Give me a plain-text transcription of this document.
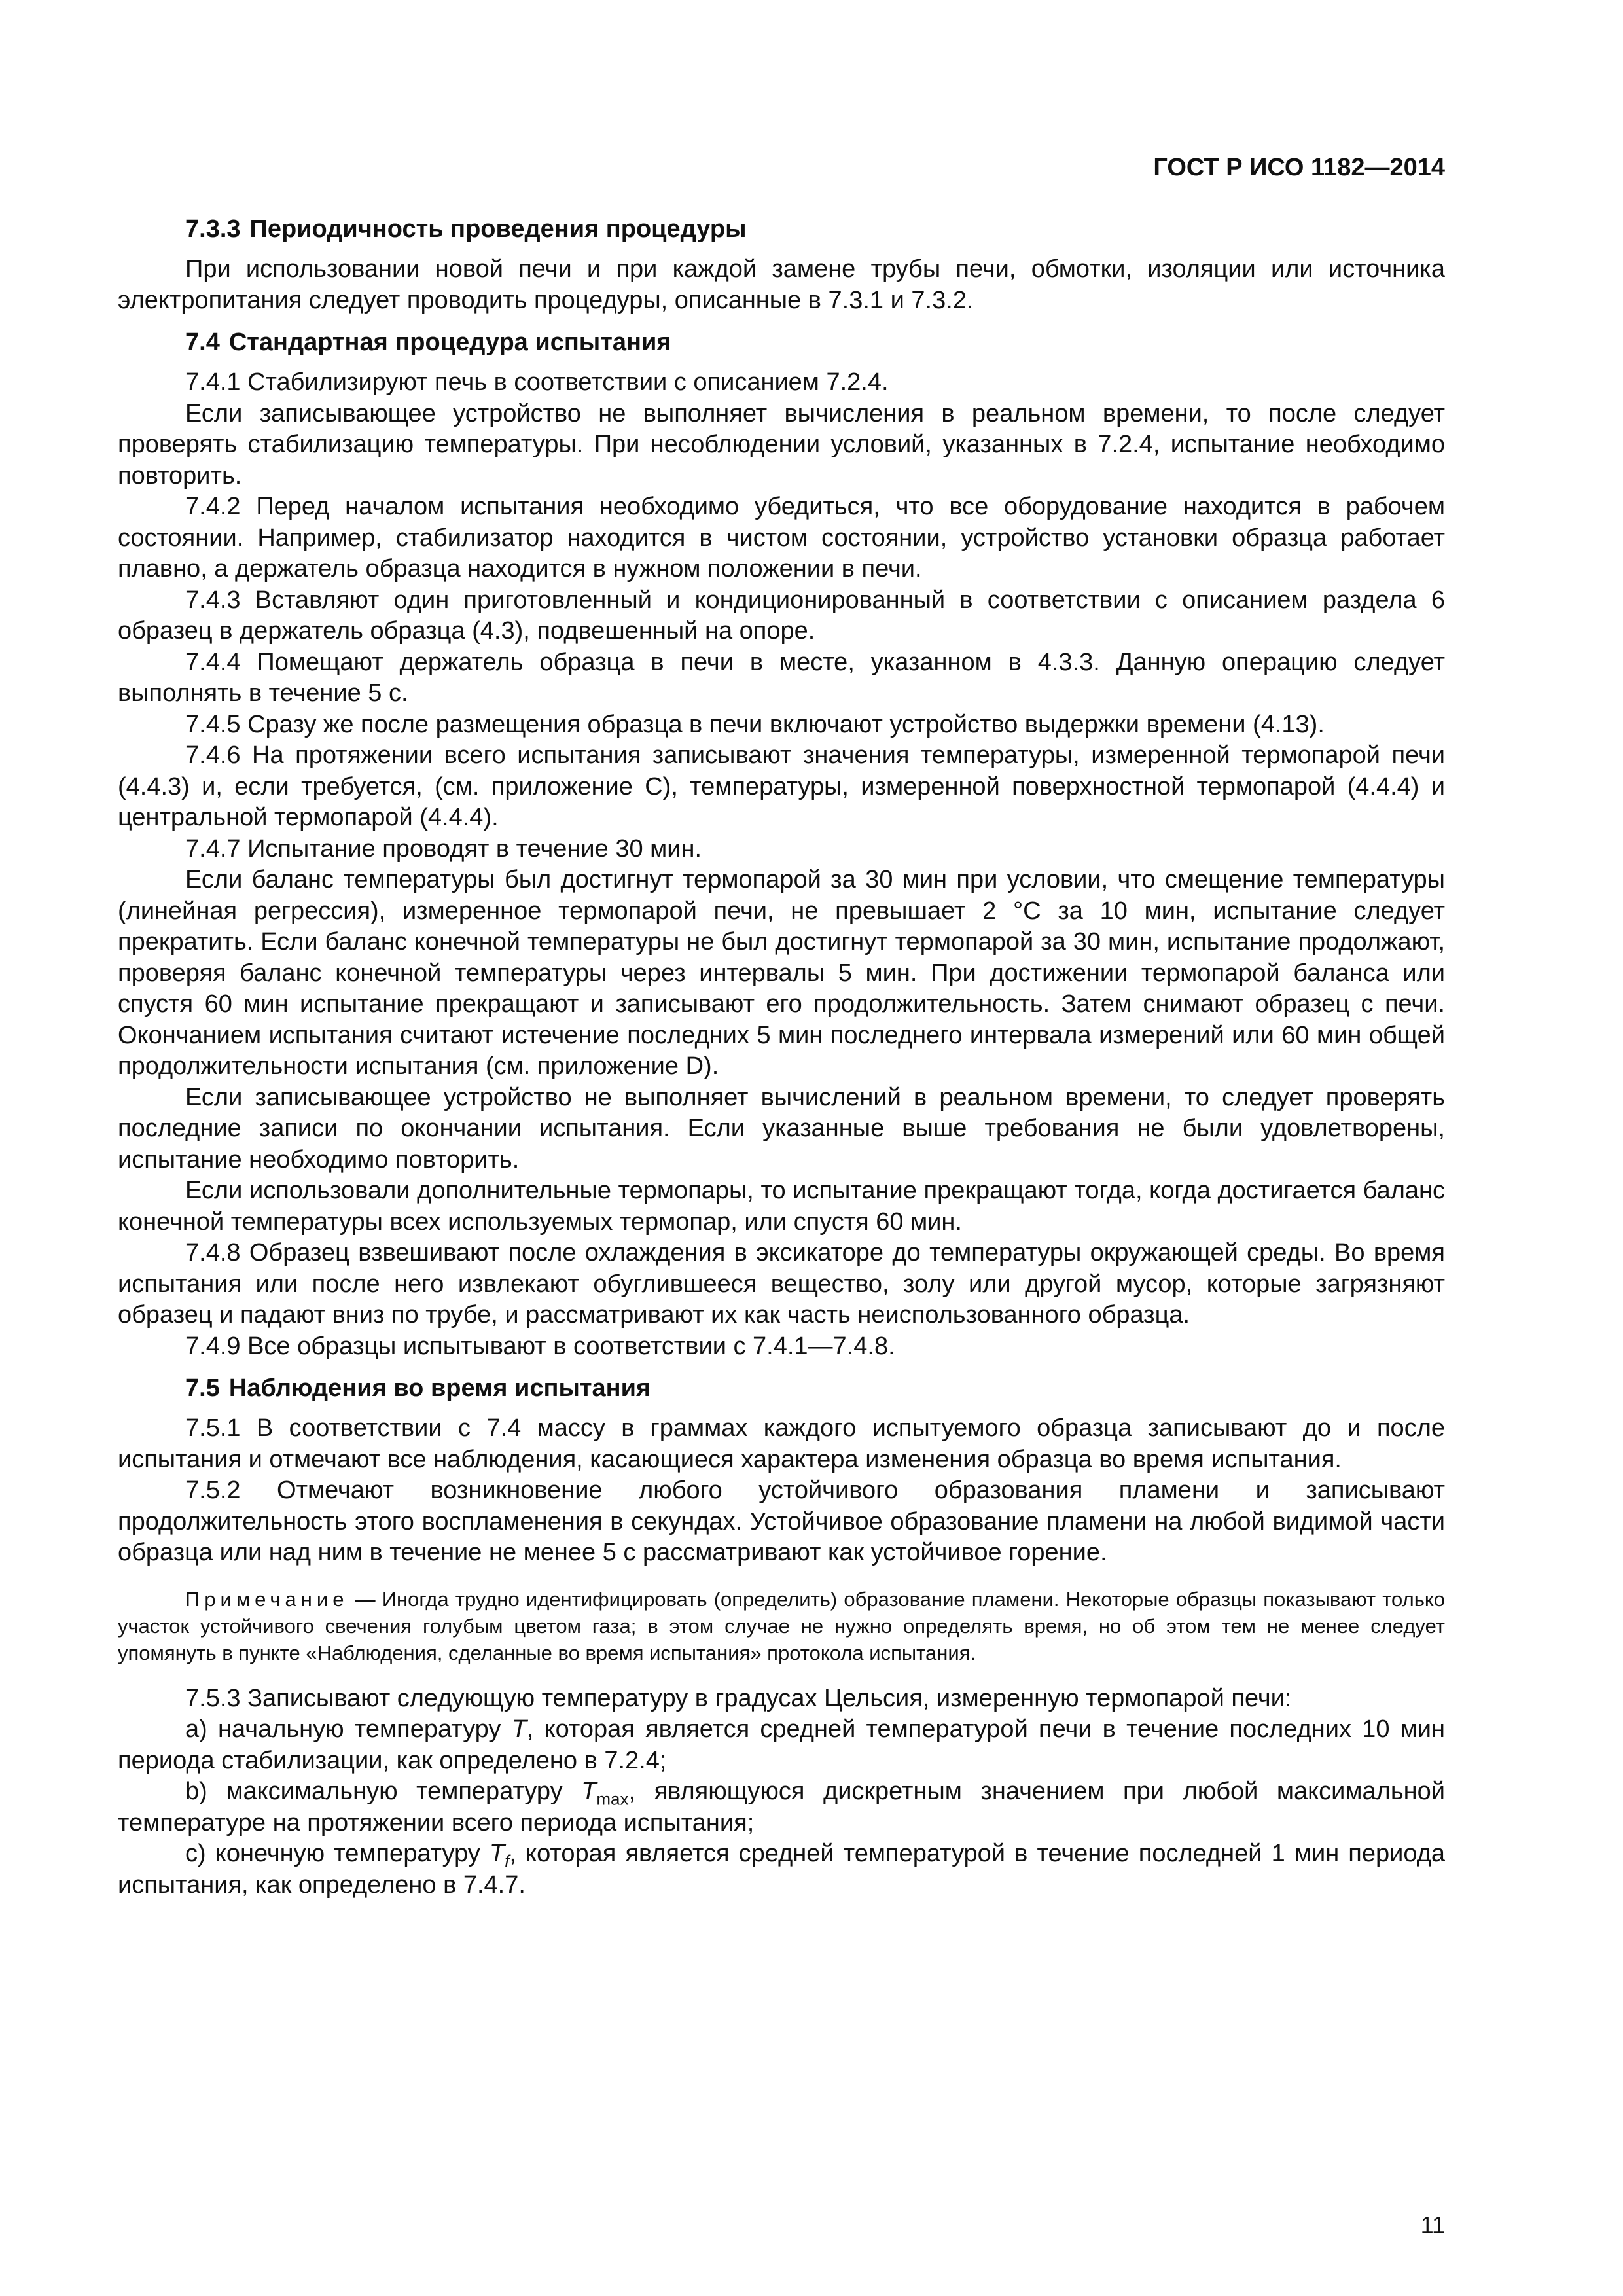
ГОСТ Р ИСО 1182—2014
7.3.3 Периодичность проведения процедуры

При использовании новой печи и при каждой замене трубы печи, обмотки, изоляции или источника электропитания следует проводить процедуры, описанные в 7.3.1 и 7.3.2.

7.4 Стандартная процедура испытания

7.4.1 Стабилизируют печь в соответствии с описанием 7.2.4.

Если записывающее устройство не выполняет вычисления в реальном времени, то после следует проверять стабилизацию температуры. При несоблюдении условий, указанных в 7.2.4, испытание необходимо повторить.

7.4.2 Перед началом испытания необходимо убедиться, что все оборудование находится в рабочем состоянии. Например, стабилизатор находится в чистом состоянии, устройство установки образца работает плавно, а держатель образца находится в нужном положении в печи.

7.4.3 Вставляют один приготовленный и кондиционированный в соответствии с описанием раздела 6 образец в держатель образца (4.3), подвешенный на опоре.

7.4.4 Помещают держатель образца в печи в месте, указанном в 4.3.3. Данную операцию следует выполнять в течение 5 с.

7.4.5 Сразу же после размещения образца в печи включают устройство выдержки времени (4.13).

7.4.6 На протяжении всего испытания записывают значения температуры, измеренной термопарой печи (4.4.3) и, если требуется, (см. приложение С), температуры, измеренной поверхностной термопарой (4.4.4) и центральной термопарой (4.4.4).

7.4.7 Испытание проводят в течение 30 мин.

Если баланс температуры был достигнут термопарой за 30 мин при условии, что смещение температуры (линейная регрессия), измеренное термопарой печи, не превышает 2 °С за 10 мин, испытание следует прекратить. Если баланс конечной температуры не был достигнут термопарой за 30 мин, испытание продолжают, проверяя баланс конечной температуры через интервалы 5 мин. При достижении термопарой баланса или спустя 60 мин испытание прекращают и записывают его продолжительность. Затем снимают образец с печи. Окончанием испытания считают истечение последних 5 мин последнего интервала измерений или 60 мин общей продолжительности испытания (см. приложение D).

Если записывающее устройство не выполняет вычислений в реальном времени, то следует проверять последние записи по окончании испытания. Если указанные выше требования не были удовлетворены, испытание необходимо повторить.

Если использовали дополнительные термопары, то испытание прекращают тогда, когда достигается баланс конечной температуры всех используемых термопар, или спустя 60 мин.

7.4.8 Образец взвешивают после охлаждения в эксикаторе до температуры окружающей среды. Во время испытания или после него извлекают обуглившееся вещество, золу или другой мусор, которые загрязняют образец и падают вниз по трубе, и рассматривают их как часть неиспользованного образца.

7.4.9 Все образцы испытывают в соответствии с 7.4.1—7.4.8.

7.5 Наблюдения во время испытания

7.5.1 В соответствии с 7.4 массу в граммах каждого испытуемого образца записывают до и после испытания и отмечают все наблюдения, касающиеся характера изменения образца во время испытания.

7.5.2 Отмечают возникновение любого устойчивого образования пламени и записывают продолжительность этого воспламенения в секундах. Устойчивое образование пламени на любой видимой части образца или над ним в течение не менее 5 с рассматривают как устойчивое горение.

Примечание — Иногда трудно идентифицировать (определить) образование пламени. Некоторые образцы показывают только участок устойчивого свечения голубым цветом газа; в этом случае не нужно определять время, но об этом тем не менее следует упомянуть в пункте «Наблюдения, сделанные во время испытания» протокола испытания.

7.5.3 Записывают следующую температуру в градусах Цельсия, измеренную термопарой печи:

а) начальную температуру T, которая является средней температурой печи в течение последних 10 мин периода стабилизации, как определено в 7.2.4;

b) максимальную температуру $T_{max}$, являющуюся дискретным значением при любой максимальной температуре на протяжении всего периода испытания;

с) конечную температуру $T_f$, которая является средней температурой в течение последней 1 мин периода испытания, как определено в 7.4.7.

11
